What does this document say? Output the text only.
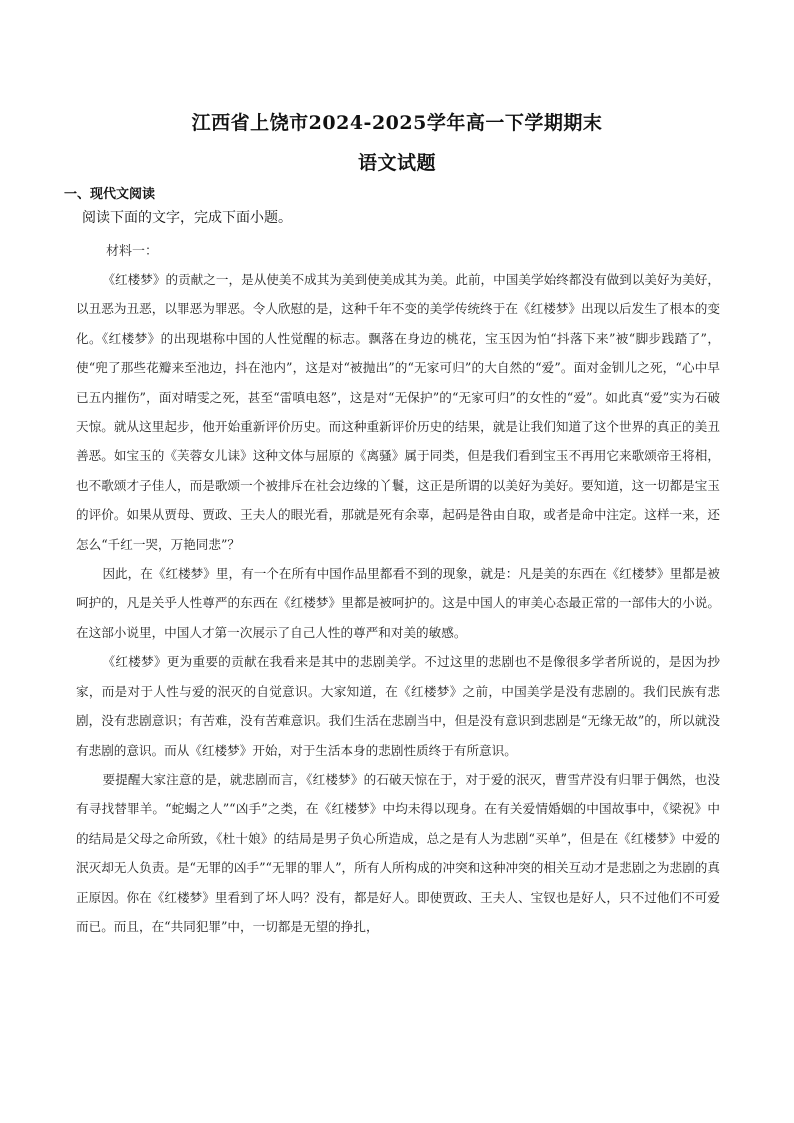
江西省上饶市2024-2025学年高一下学期期末
语文试题
一、现代文阅读
阅读下面的文字，完成下面小题。
材料一：

《红楼梦》的贡献之一，是从使美不成其为美到使美成其为美。此前，中国美学始终都没有做到以美好为美好，以丑恶为丑恶，以罪恶为罪恶。令人欣慰的是，这种千年不变的美学传统终于在《红楼梦》出现以后发生了根本的变化。《红楼梦》的出现堪称中国的人性觉醒的标志。飘落在身边的桃花，宝玉因为怕“抖落下来”被“脚步践踏了”，使“兜了那些花瓣来至池边，抖在池内”，这是对“被抛出”的“无家可归”的大自然的“爱”。面对金钏儿之死，“心中早已五内摧伤”，面对晴雯之死，甚至“雷嗔电怒”，这是对“无保护”的“无家可归”的女性的“爱”。如此真“爱”实为石破天惊。就从这里起步，他开始重新评价历史。而这种重新评价历史的结果，就是让我们知道了这个世界的真正的美丑善恶。如宝玉的《芙蓉女儿诔》这种文体与屈原的《离骚》属于同类，但是我们看到宝玉不再用它来歌颂帝王将相，也不歌颂才子佳人，而是歌颂一个被排斥在社会边缘的丫鬟，这正是所谓的以美好为美好。要知道，这一切都是宝玉的评价。如果从贾母、贾政、王夫人的眼光看，那就是死有余辜，起码是咎由自取，或者是命中注定。这样一来，还怎么“千红一哭，万艳同悲”？

因此，在《红楼梦》里，有一个在所有中国作品里都看不到的现象，就是：凡是美的东西在《红楼梦》里都是被呵护的，凡是关乎人性尊严的东西在《红楼梦》里都是被呵护的。这是中国人的审美心态最正常的一部伟大的小说。在这部小说里，中国人才第一次展示了自己人性的尊严和对美的敏感。

《红楼梦》更为重要的贡献在我看来是其中的悲剧美学。不过这里的悲剧也不是像很多学者所说的，是因为抄家，而是对于人性与爱的泯灭的自觉意识。大家知道，在《红楼梦》之前，中国美学是没有悲剧的。我们民族有悲剧，没有悲剧意识；有苦难，没有苦难意识。我们生活在悲剧当中，但是没有意识到悲剧是“无缘无故”的，所以就没有悲剧的意识。而从《红楼梦》开始，对于生活本身的悲剧性质终于有所意识。

要提醒大家注意的是，就悲剧而言，《红楼梦》的石破天惊在于，对于爱的泯灭，曹雪芹没有归罪于偶然，也没有寻找替罪羊。“蛇蝎之人”“凶手”之类，在《红楼梦》中均未得以现身。在有关爱情婚姻的中国故事中，《梁祝》中的结局是父母之命所致，《杜十娘》的结局是男子负心所造成，总之是有人为悲剧“买单”，但是在《红楼梦》中爱的泯灭却无人负责。是“无罪的凶手”“无罪的罪人”，所有人所构成的冲突和这种冲突的相关互动才是悲剧之为悲剧的真正原因。你在《红楼梦》里看到了坏人吗？没有，都是好人。即使贾政、王夫人、宝钗也是好人，只不过他们不可爱而已。而且，在“共同犯罪”中，一切都是无望的挣扎，
